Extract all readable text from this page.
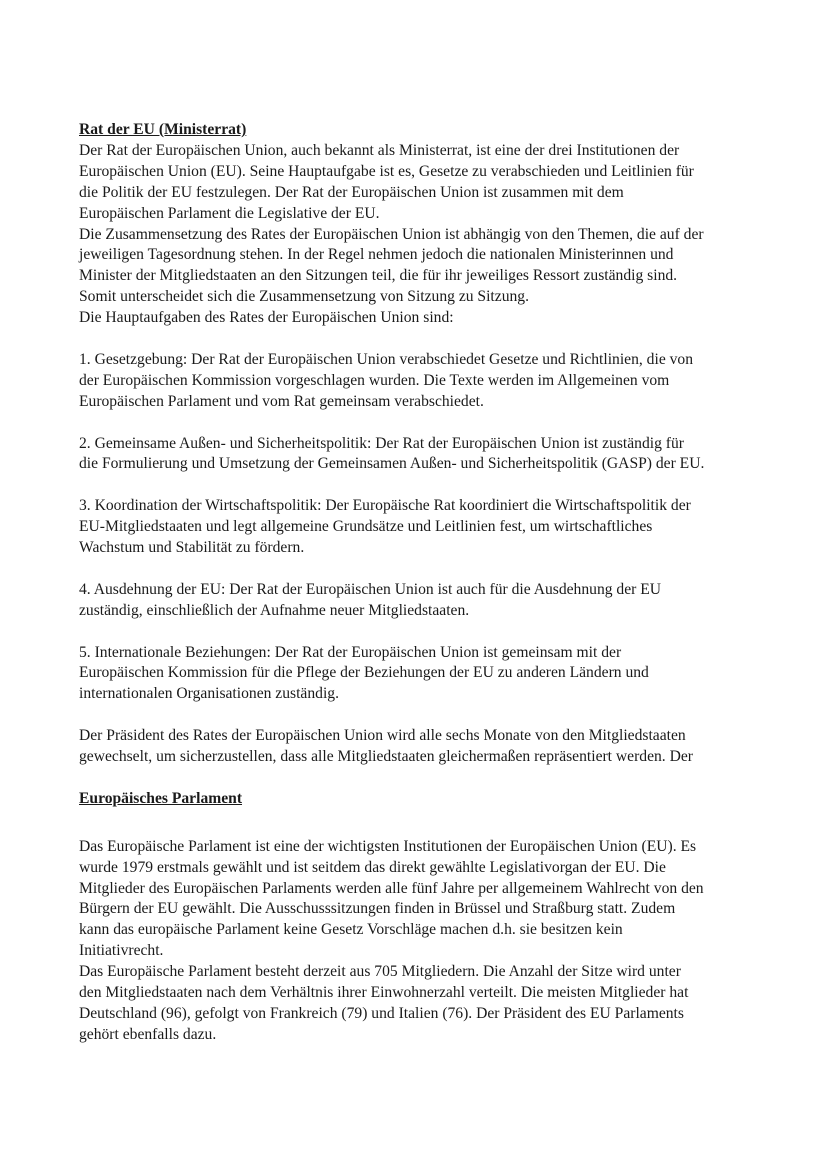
Rat der EU (Ministerrat)
Der Rat der Europäischen Union, auch bekannt als Ministerrat, ist eine der drei Institutionen der
Europäischen Union (EU). Seine Hauptaufgabe ist es, Gesetze zu verabschieden und Leitlinien für
die Politik der EU festzulegen. Der Rat der Europäischen Union ist zusammen mit dem
Europäischen Parlament die Legislative der EU.
Die Zusammensetzung des Rates der Europäischen Union ist abhängig von den Themen, die auf der
jeweiligen Tagesordnung stehen. In der Regel nehmen jedoch die nationalen Ministerinnen und
Minister der Mitgliedstaaten an den Sitzungen teil, die für ihr jeweiliges Ressort zuständig sind.
Somit unterscheidet sich die Zusammensetzung von Sitzung zu Sitzung.
Die Hauptaufgaben des Rates der Europäischen Union sind:
1. Gesetzgebung: Der Rat der Europäischen Union verabschiedet Gesetze und Richtlinien, die von
der Europäischen Kommission vorgeschlagen wurden. Die Texte werden im Allgemeinen vom
Europäischen Parlament und vom Rat gemeinsam verabschiedet.
2. Gemeinsame Außen- und Sicherheitspolitik: Der Rat der Europäischen Union ist zuständig für
die Formulierung und Umsetzung der Gemeinsamen Außen- und Sicherheitspolitik (GASP) der EU.
3. Koordination der Wirtschaftspolitik: Der Europäische Rat koordiniert die Wirtschaftspolitik der
EU-Mitgliedstaaten und legt allgemeine Grundsätze und Leitlinien fest, um wirtschaftliches
Wachstum und Stabilität zu fördern.
4. Ausdehnung der EU: Der Rat der Europäischen Union ist auch für die Ausdehnung der EU
zuständig, einschließlich der Aufnahme neuer Mitgliedstaaten.
5. Internationale Beziehungen: Der Rat der Europäischen Union ist gemeinsam mit der
Europäischen Kommission für die Pflege der Beziehungen der EU zu anderen Ländern und
internationalen Organisationen zuständig.
Der Präsident des Rates der Europäischen Union wird alle sechs Monate von den Mitgliedstaaten
gewechselt, um sicherzustellen, dass alle Mitgliedstaaten gleichermaßen repräsentiert werden. Der
Europäisches Parlament
Das Europäische Parlament ist eine der wichtigsten Institutionen der Europäischen Union (EU). Es
wurde 1979 erstmals gewählt und ist seitdem das direkt gewählte Legislativorgan der EU. Die
Mitglieder des Europäischen Parlaments werden alle fünf Jahre per allgemeinem Wahlrecht von den
Bürgern der EU gewählt. Die Ausschusssitzungen finden in Brüssel und Straßburg statt. Zudem
kann das europäische Parlament keine Gesetz Vorschläge machen d.h. sie besitzen kein
Initiativrecht.
Das Europäische Parlament besteht derzeit aus 705 Mitgliedern. Die Anzahl der Sitze wird unter
den Mitgliedstaaten nach dem Verhältnis ihrer Einwohnerzahl verteilt. Die meisten Mitglieder hat
Deutschland (96), gefolgt von Frankreich (79) und Italien (76). Der Präsident des EU Parlaments
gehört ebenfalls dazu.
